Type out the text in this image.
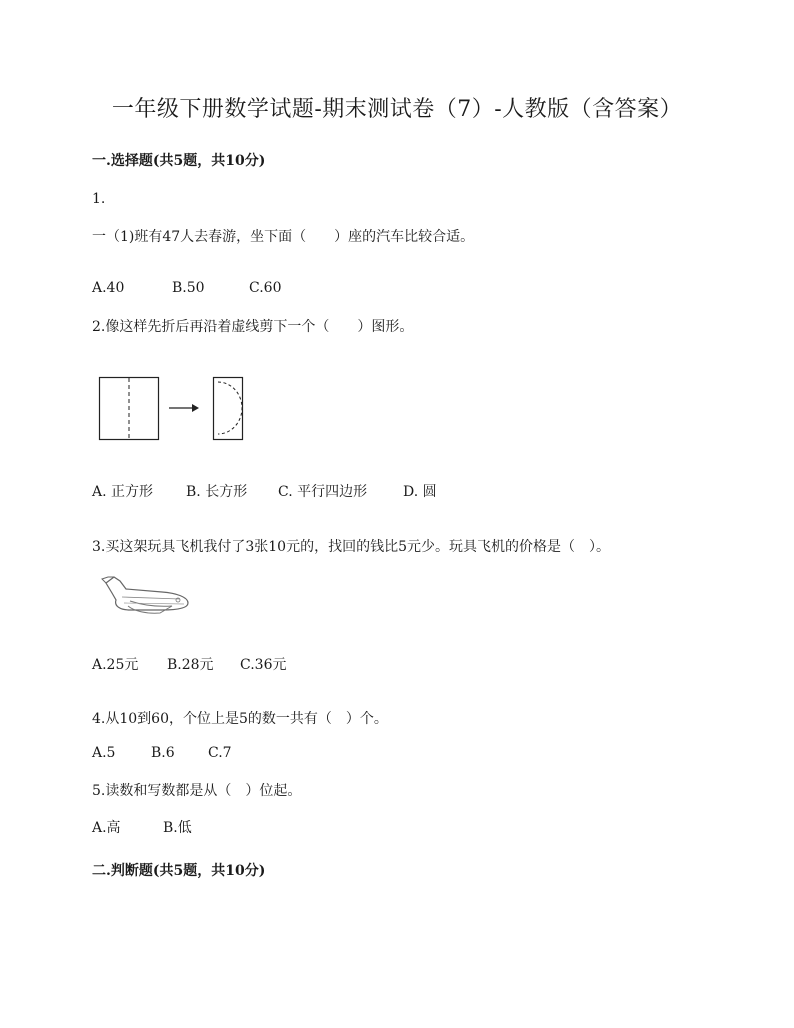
一年级下册数学试题-期末测试卷（7）-人教版（含答案）
一.选择题(共5题，共10分)
1.
一（1)班有47人去春游，坐下面（　　）座的汽车比较合适。
A.40	B.50	C.60
2.像这样先折后再沿着虚线剪下一个（　　）图形。
A. 正方形 B. 长方形 C. 平行四边形	D. 圆
3.买这架玩具飞机我付了3张10元的，找回的钱比5元少。玩具飞机的价格是（　）。
A.25元 B.28元 C.36元
4.从10到60，个位上是5的数一共有（　）个。
A.5	B.6 C.7
5.读数和写数都是从（　）位起。
A.高	B.低
二.判断题(共5题，共10分)
